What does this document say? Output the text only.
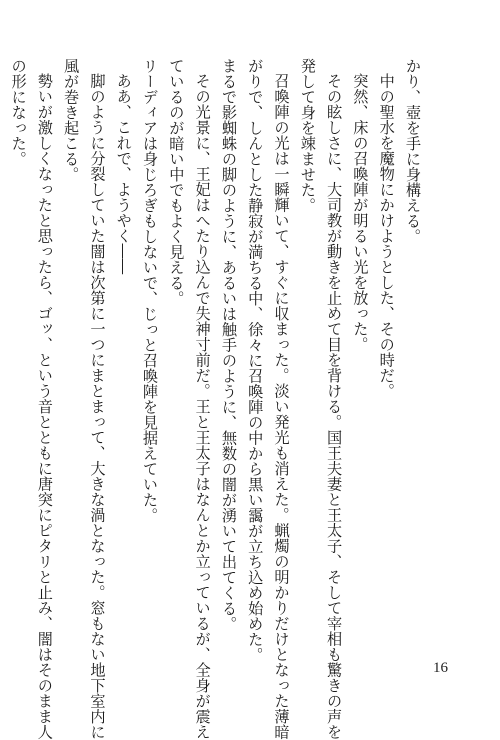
かり、壺を手に身構える。
中の聖水を魔物にかけようとした、その時だ。
突然、床の召喚陣が明るい光を放った。
その眩しさに、大司教が動きを止めて目を背ける。国王夫妻と王太子、そして宰相も驚きの声を
発して身を竦ませた。
召喚陣の光は一瞬輝いて、すぐに収まった。淡い発光も消えた。蝋燭の明かりだけとなった薄暗
がりで、しんとした静寂が満ちる中、徐々に召喚陣の中から黒い靄が立ち込め始めた。
まるで影蜘蛛の脚のように、あるいは触手のように、無数の闇が湧いて出てくる。
その光景に、王妃はへたり込んで失神寸前だ。王と王太子はなんとか立っているが、全身が震え
ているのが暗い中でもよく見える。
リーディアは身じろぎもしないで、じっと召喚陣を見据えていた。
ああ、これで、ようやく――
脚のように分裂していた闇は次第に一つにまとまって、大きな渦となった。窓もない地下室内に
風が巻き起こる。
勢いが激しくなったと思ったら、ゴッ、という音とともに唐突にピタリと止み、闇はそのまま人
の形になった。
16
